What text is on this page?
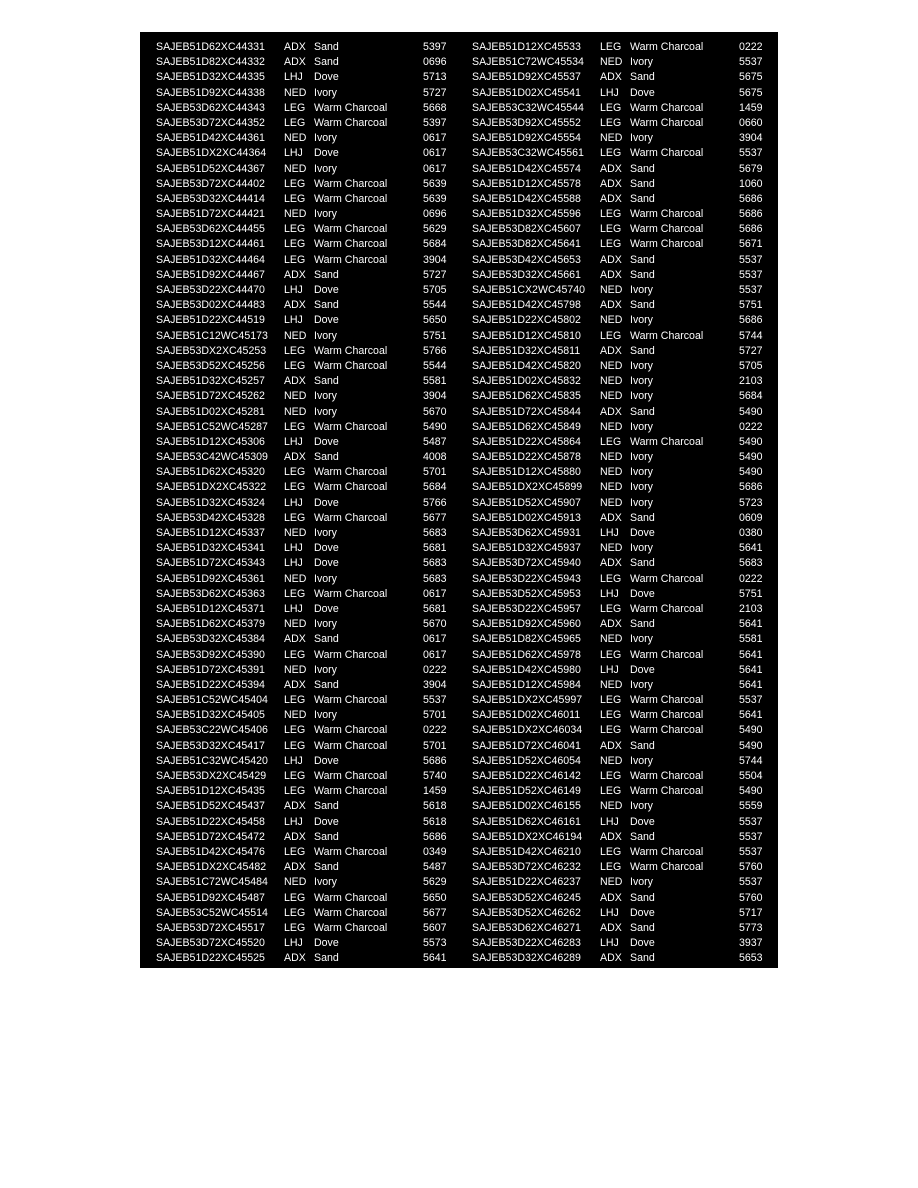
SAJEB51D62XC44331 ADX Sand	5397 SAJEB51D12XC45533 LEG Warm Charcoal	0222
SAJEB51D82XC44332 ADX Sand	0696 SAJEB51C72WC45534 NED Ivory	5537
SAJEB51D32XC44335 LHJ Dove	5713 SAJEB51D92XC45537 ADX Sand	5675
SAJEB51D92XC44338 NED Ivory	5727 SAJEB51D02XC45541 LHJ Dove	5675
SAJEB53D62XC44343 LEG Warm Charcoal	5668 SAJEB53C32WC45544 LEG Warm Charcoal	1459
SAJEB53D72XC44352 LEG Warm Charcoal	5397 SAJEB53D92XC45552 LEG Warm Charcoal	0660
SAJEB51D42XC44361 NED Ivory	0617 SAJEB51D92XC45554 NED Ivory	3904
SAJEB51DX2XC44364 LHJ Dove	0617 SAJEB53C32WC45561 LEG Warm Charcoal	5537
SAJEB51D52XC44367 NED Ivory	0617 SAJEB51D42XC45574 ADX Sand	5679
SAJEB53D72XC44402 LEG Warm Charcoal	5639 SAJEB51D12XC45578 ADX Sand	1060
SAJEB53D32XC44414 LEG Warm Charcoal	5639 SAJEB51D42XC45588 ADX Sand	5686
SAJEB51D72XC44421 NED Ivory	0696 SAJEB51D32XC45596 LEG Warm Charcoal	5686
SAJEB53D62XC44455 LEG Warm Charcoal	5629 SAJEB53D82XC45607 LEG Warm Charcoal	5686
SAJEB53D12XC44461 LEG Warm Charcoal	5684 SAJEB53D82XC45641 LEG Warm Charcoal	5671
SAJEB51D32XC44464 LEG Warm Charcoal	3904 SAJEB53D42XC45653 ADX Sand	5537
SAJEB51D92XC44467 ADX Sand	5727 SAJEB53D32XC45661 ADX Sand	5537
SAJEB53D22XC44470 LHJ Dove	5705 SAJEB51CX2WC45740 NED Ivory	5537
SAJEB53D02XC44483 ADX Sand	5544 SAJEB51D42XC45798 ADX Sand	5751
SAJEB51D22XC44519 LHJ Dove	5650 SAJEB51D22XC45802 NED Ivory	5686
SAJEB51C12WC45173 NED Ivory	5751 SAJEB51D12XC45810 LEG Warm Charcoal	5744
SAJEB53DX2XC45253 LEG Warm Charcoal	5766 SAJEB51D32XC45811 ADX Sand	5727
SAJEB53D52XC45256 LEG Warm Charcoal	5544 SAJEB51D42XC45820 NED Ivory	5705
SAJEB51D32XC45257 ADX Sand	5581 SAJEB51D02XC45832 NED Ivory	2103
SAJEB51D72XC45262 NED Ivory	3904 SAJEB51D62XC45835 NED Ivory	5684
SAJEB51D02XC45281 NED Ivory	5670 SAJEB51D72XC45844 ADX Sand	5490
SAJEB51C52WC45287 LEG Warm Charcoal	5490 SAJEB51D62XC45849 NED Ivory	0222
SAJEB51D12XC45306 LHJ Dove	5487 SAJEB51D22XC45864 LEG Warm Charcoal	5490
SAJEB53C42WC45309 ADX Sand	4008 SAJEB51D22XC45878 NED Ivory	5490
SAJEB51D62XC45320 LEG Warm Charcoal	5701 SAJEB51D12XC45880 NED Ivory	5490
SAJEB51DX2XC45322 LEG Warm Charcoal	5684 SAJEB51DX2XC45899 NED Ivory	5686
SAJEB51D32XC45324 LHJ Dove	5766 SAJEB51D52XC45907 NED Ivory	5723
SAJEB53D42XC45328 LEG Warm Charcoal	5677 SAJEB51D02XC45913 ADX Sand	0609
SAJEB51D12XC45337 NED Ivory	5683 SAJEB53D62XC45931 LHJ Dove	0380
SAJEB51D32XC45341 LHJ Dove	5681 SAJEB51D32XC45937 NED Ivory	5641
SAJEB51D72XC45343 LHJ Dove	5683 SAJEB53D72XC45940 ADX Sand	5683
SAJEB51D92XC45361 NED Ivory	5683 SAJEB53D22XC45943 LEG Warm Charcoal	0222
SAJEB53D62XC45363 LEG Warm Charcoal	0617 SAJEB53D52XC45953 LHJ Dove	5751
SAJEB51D12XC45371 LHJ Dove	5681 SAJEB53D22XC45957 LEG Warm Charcoal	2103
SAJEB51D62XC45379 NED Ivory	5670 SAJEB51D92XC45960 ADX Sand	5641
SAJEB53D32XC45384 ADX Sand	0617 SAJEB51D82XC45965 NED Ivory	5581
SAJEB53D92XC45390 LEG Warm Charcoal	0617 SAJEB51D62XC45978 LEG Warm Charcoal	5641
SAJEB51D72XC45391 NED Ivory	0222 SAJEB51D42XC45980 LHJ Dove	5641
SAJEB51D22XC45394 ADX Sand	3904 SAJEB51D12XC45984 NED Ivory	5641
SAJEB51C52WC45404 LEG Warm Charcoal	5537 SAJEB51DX2XC45997 LEG Warm Charcoal	5537
SAJEB51D32XC45405 NED Ivory	5701 SAJEB51D02XC46011 LEG Warm Charcoal	5641
SAJEB53C22WC45406 LEG Warm Charcoal	0222 SAJEB51DX2XC46034 LEG Warm Charcoal	5490
SAJEB53D32XC45417 LEG Warm Charcoal	5701 SAJEB51D72XC46041 ADX Sand	5490
SAJEB51C32WC45420 LHJ Dove	5686 SAJEB51D52XC46054 NED Ivory	5744
SAJEB53DX2XC45429 LEG Warm Charcoal	5740 SAJEB51D22XC46142 LEG Warm Charcoal	5504
SAJEB51D12XC45435 LEG Warm Charcoal	1459 SAJEB51D52XC46149 LEG Warm Charcoal	5490
SAJEB51D52XC45437 ADX Sand	5618 SAJEB51D02XC46155 NED Ivory	5559
SAJEB51D22XC45458 LHJ Dove	5618 SAJEB51D62XC46161 LHJ Dove	5537
SAJEB51D72XC45472 ADX Sand	5686 SAJEB51DX2XC46194 ADX Sand	5537
SAJEB51D42XC45476 LEG Warm Charcoal	0349 SAJEB51D42XC46210 LEG Warm Charcoal	5537
SAJEB51DX2XC45482 ADX Sand	5487 SAJEB53D72XC46232 LEG Warm Charcoal	5760
SAJEB51C72WC45484 NED Ivory	5629 SAJEB51D22XC46237 NED Ivory	5537
SAJEB51D92XC45487 LEG Warm Charcoal	5650 SAJEB53D52XC46245 ADX Sand	5760
SAJEB53C52WC45514 LEG Warm Charcoal	5677 SAJEB53D52XC46262 LHJ Dove	5717
SAJEB53D72XC45517 LEG Warm Charcoal	5607 SAJEB53D62XC46271 ADX Sand	5773
SAJEB53D72XC45520 LHJ Dove	5573 SAJEB53D22XC46283 LHJ Dove	3937
SAJEB51D22XC45525 ADX Sand	5641 SAJEB53D32XC46289 ADX Sand	5653
